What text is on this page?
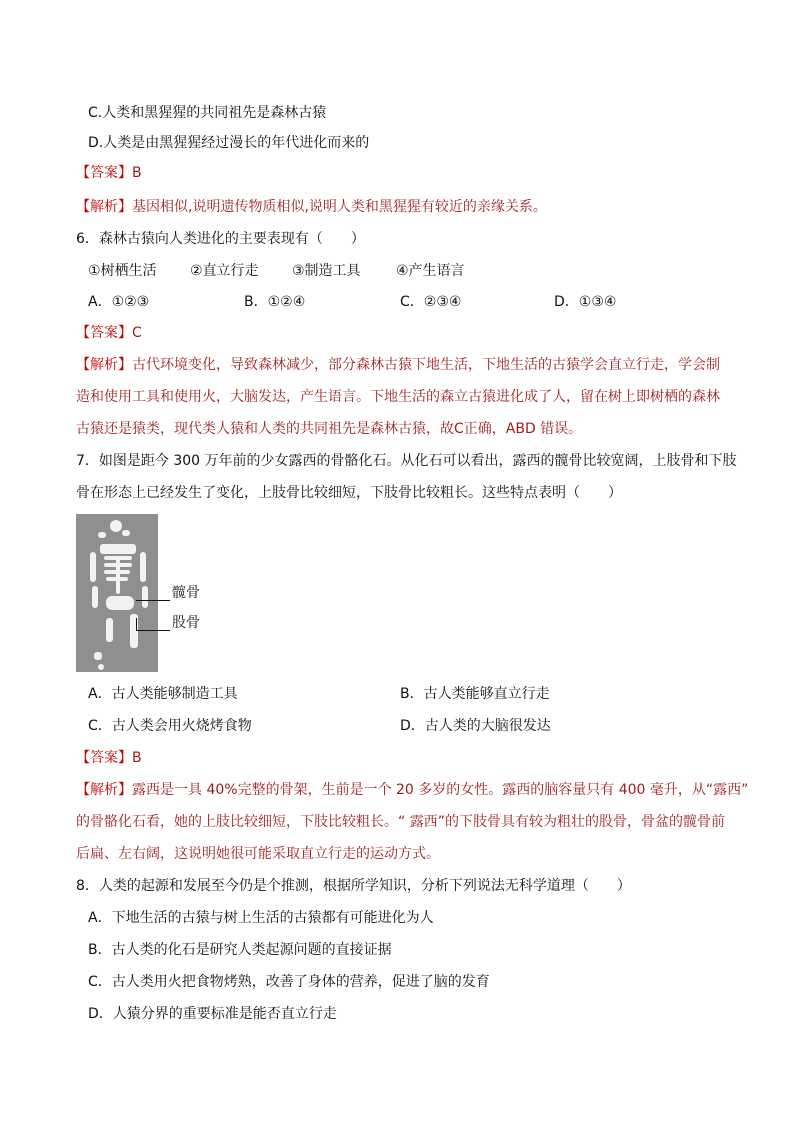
C.人类和黑猩猩的共同祖先是森林古猿
D.人类是由黑猩猩经过漫长的年代进化而来的
【答案】B
【解析】基因相似,说明遗传物质相似,说明人类和黑猩猩有较近的亲缘关系。
6．森林古猿向人类进化的主要表现有（　　）
①树栖生活 ②直立行走 ③制造工具	④产生语言
A．①②③	B．①②④	C．②③④	D．①③④
【答案】C
【解析】古代环境变化，导致森林减少，部分森林古猿下地生活，下地生活的古猿学会直立行走，学会制
造和使用工具和使用火，大脑发达，产生语言。下地生活的森立古猿进化成了人，留在树上即树栖的森林
古猿还是猿类，现代类人猿和人类的共同祖先是森林古猿，故C正确，ABD 错误。
7．如图是距今 300 万年前的少女露西的骨骼化石。从化石可以看出，露西的髋骨比较宽阔，上肢骨和下肢
骨在形态上已经发生了变化，上肢骨比较细短，下肢骨比较粗长。这些特点表明（　　）
髋骨
股骨
A．古人类能够制造工具	B．古人类能够直立行走
C．古人类会用火烧烤食物	D．古人类的大脑很发达
【答案】B
【解析】露西是一具 40%完整的骨架，生前是一个 20 多岁的女性。露西的脑容量只有 400 毫升，从“露西”
的骨骼化石看，她的上肢比较细短，下肢比较粗长。“ 露西”的下肢骨具有较为粗壮的股骨，骨盆的髋骨前
后扁、左右阔，这说明她很可能采取直立行走的运动方式。
8．人类的起源和发展至今仍是个推测，根据所学知识，分析下列说法无科学道理（　　）
A．下地生活的古猿与树上生活的古猿都有可能进化为人
B．古人类的化石是研究人类起源问题的直接证据
C．古人类用火把食物烤熟，改善了身体的营养，促进了脑的发育
D．人猿分界的重要标准是能否直立行走
